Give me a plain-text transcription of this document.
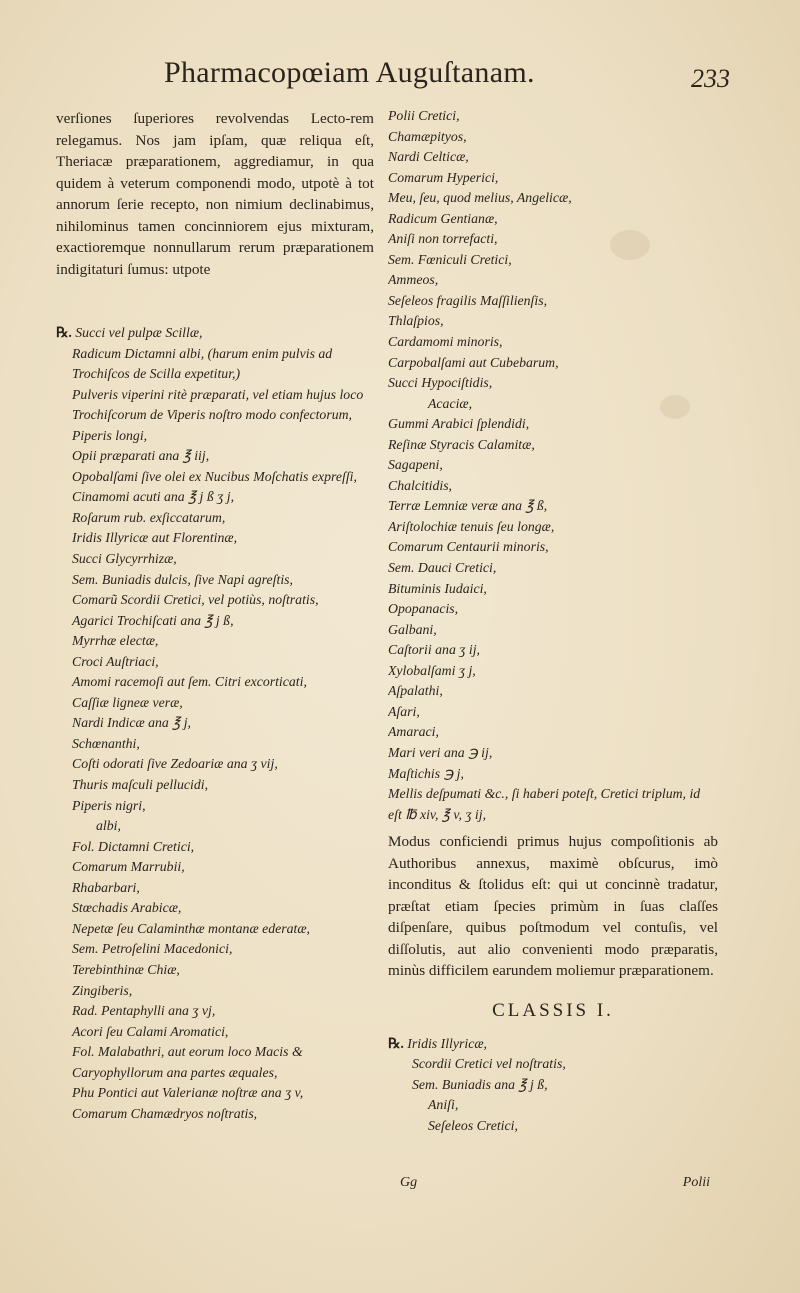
Pharmacopœiam Auguſtanam.	233

verſiones ſuperiores revolvendas Lecto-rem relegamus. Nos jam ipſam, quæ reliqua eſt, Theriacæ præparationem, aggrediamur, in qua quidem à veterum componendi modo, utpotè à tot annorum ſerie recepto, non nimium declinabimus, nihilominus tamen concinniorem ejus mixturam, exactioremque nonnullarum rerum præparationem indigitaturi ſumus: utpote

℞. Succi vel pulpæ Scillæ,
Radicum Dictamni albi, (harum enim pulvis ad Trochiſcos de Scilla expetitur,)
Pulveris viperini ritè præparati, vel etiam hujus loco Trochiſcorum de Viperis noſtro modo confectorum,
Piperis longi,
Opii præparati ana ℥ iij,
Opobalſami ſive olei ex Nucibus Moſchatis expreſſi,
Cinamomi acuti ana ℥ j ß ʒ j,
Roſarum rub. exſiccatarum,
Iridis Illyricæ aut Florentinæ,
Succi Glycyrrhizæ,
Sem. Buniadis dulcis, ſive Napi agreſtis,
Comarũ Scordii Cretici, vel potiùs, noſtratis,
Agarici Trochiſcati ana ℥ j ß,
Myrrhæ electæ,
Croci Auſtriaci,
Amomi racemoſi aut ſem. Citri excorticati,
Caſſiæ ligneæ veræ,
Nardi Indicæ ana ℥ j,
Schœnanthi,
Coſti odorati ſive Zedoariæ ana ʒ vij,
Thuris maſculi pellucidi,
Piperis nigri,
albi,
Fol. Dictamni Cretici,
Comarum Marrubii,
Rhabarbari,
Stœchadis Arabicæ,
Nepetæ ſeu Calaminthæ montanæ ederatæ,
Sem. Petroſelini Macedonici,
Terebinthinæ Chiæ,
Zingiberis,
Rad. Pentaphylli ana ʒ vj,
Acori ſeu Calami Aromatici,
Fol. Malabathri, aut eorum loco Macis & Caryophyllorum ana partes æquales,
Phu Pontici aut Valerianæ noſtræ ana ʒ v,
Comarum Chamædryos noſtratis,
Polii Cretici,
Chamæpityos,
Nardi Celticæ,
Comarum Hyperici,
Meu, ſeu, quod melius, Angelicæ,
Radicum Gentianæ,
Aniſi non torrefacti,
Sem. Fœniculi Cretici,
Ammeos,
Seſeleos fragilis Maſſilienſis,
Thlaſpios,
Cardamomi minoris,
Carpobalſami aut Cubebarum,
Succi Hypociſtidis,
Acaciæ,
Gummi Arabici ſplendidi,
Reſinæ Styracis Calamitæ,
Sagapeni,
Chalcitidis,
Terræ Lemniæ veræ ana ℥ ß,
Ariſtolochiæ tenuis ſeu longæ,
Comarum Centaurii minoris,
Sem. Dauci Cretici,
Bituminis Iudaici,
Opopanacis,
Galbani,
Caſtorii ana ʒ ij,
Xylobalſami ʒ j,
Aſpalathi,
Aſari,
Amaraci,
Mari veri ana ℈ ij,
Maſtichis ℈ j,
Mellis deſpumati &c., ſi haberi poteſt, Cretici triplum, id eſt ℔ xiv, ℥ v, ʒ ij,

Modus conficiendi primus hujus compoſitionis ab Authoribus annexus, maximè obſcurus, imò inconditus & ſtolidus eſt: qui ut concinnè tradatur, præſtat etiam ſpecies primùm in ſuas claſſes diſpenſare, quibus poſtmodum vel contuſis, vel diſſolutis, aut alio convenienti modo præparatis, minùs difficilem earundem moliemur præparationem.

CLASSIS I.
℞. Iridis Illyricæ,
Scordii Cretici vel noſtratis,
Sem. Buniadis ana ℥ j ß,
Aniſi,
Seſeleos Cretici,
Gg	Polii
